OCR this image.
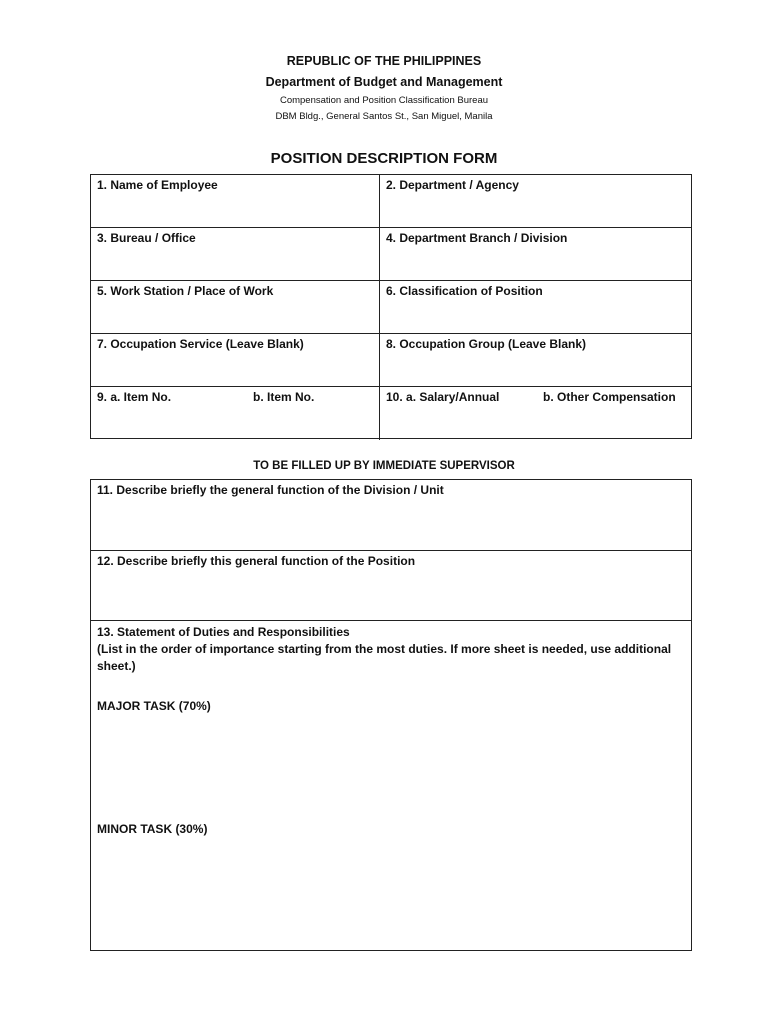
REPUBLIC OF THE PHILIPPINES
Department of Budget and Management
Compensation and Position Classification Bureau
DBM Bldg., General Santos St., San Miguel, Manila
POSITION DESCRIPTION FORM
1. Name of Employee	2. Department / Agency
3. Bureau / Office	4. Department Branch / Division
5. Work Station / Place of Work	6. Classification of Position
7. Occupation Service (Leave Blank)	8. Occupation Group (Leave Blank)
9. a. Item No.	b. Item No.	10. a. Salary/Annual	b. Other Compensation
TO BE FILLED UP BY IMMEDIATE SUPERVISOR
11. Describe briefly the general function of the Division / Unit
12. Describe briefly this general function of the Position
13. Statement of Duties and Responsibilities
(List in the order of importance starting from the most duties. If more sheet is needed, use additional
sheet.)
MAJOR TASK (70%)
MINOR TASK (30%)
